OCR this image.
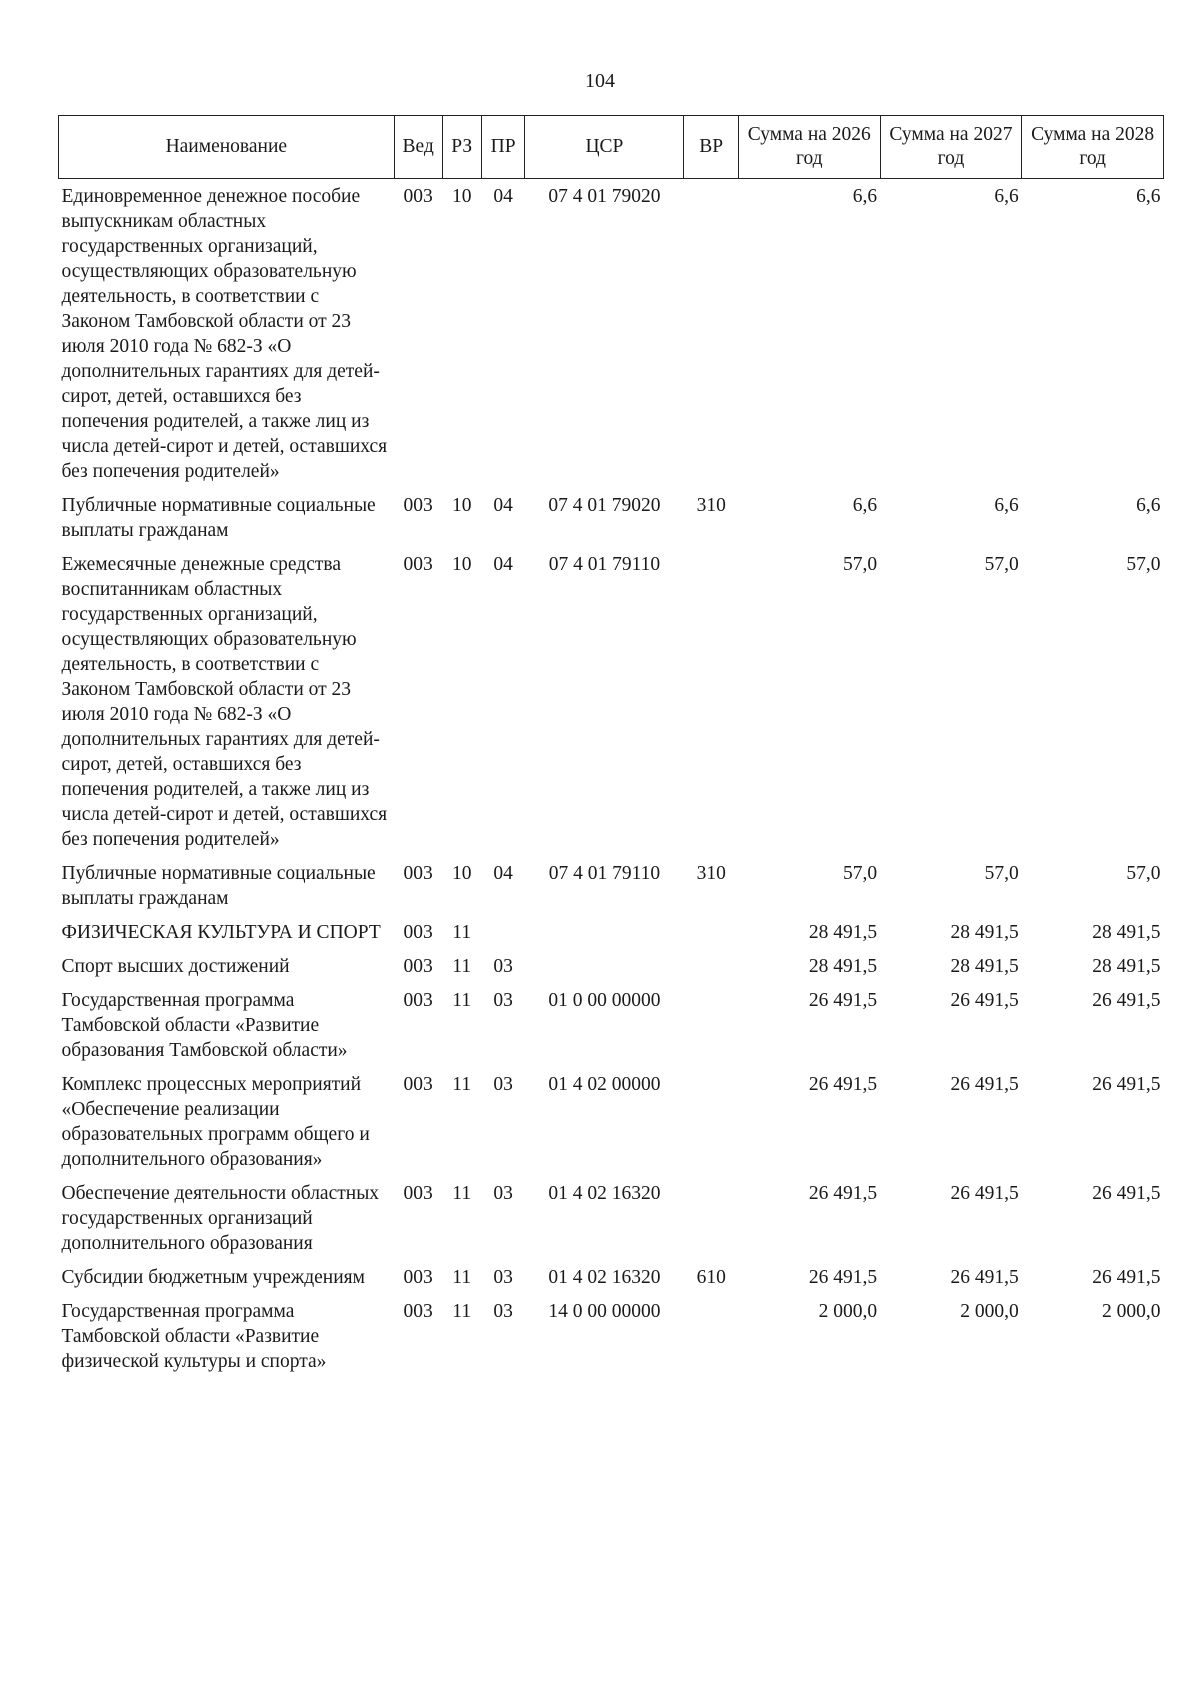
104
Наименование	Вед	РЗ	ПР	ЦСР	ВР	Сумма на 2026 год	Сумма на 2027 год	Сумма на 2028 год
Единовременное денежное пособие выпускникам областных государственных организаций, осуществляющих образовательную деятельность, в соответствии с Законом Тамбовской области от 23 июля 2010 года № 682-З «О дополнительных гарантиях для детей-сирот, детей, оставшихся без попечения родителей, а также лиц из числа детей-сирот и детей, оставшихся без попечения родителей»	003	10	04	07 4 01 79020		6,6	6,6	6,6
Публичные нормативные социальные выплаты гражданам	003	10	04	07 4 01 79020	310	6,6	6,6	6,6
Ежемесячные денежные средства воспитанникам областных государственных организаций, осуществляющих образовательную деятельность, в соответствии с Законом Тамбовской области от 23 июля 2010 года № 682-З «О дополнительных гарантиях для детей-сирот, детей, оставшихся без попечения родителей, а также лиц из числа детей-сирот и детей, оставшихся без попечения родителей»	003	10	04	07 4 01 79110		57,0	57,0	57,0
Публичные нормативные социальные выплаты гражданам	003	10	04	07 4 01 79110	310	57,0	57,0	57,0
ФИЗИЧЕСКАЯ КУЛЬТУРА И СПОРТ	003	11				28 491,5	28 491,5	28 491,5
Спорт высших достижений	003	11	03			28 491,5	28 491,5	28 491,5
Государственная программа Тамбовской области «Развитие образования Тамбовской области»	003	11	03	01 0 00 00000		26 491,5	26 491,5	26 491,5
Комплекс процессных мероприятий «Обеспечение реализации образовательных программ общего и дополнительного образования»	003	11	03	01 4 02 00000		26 491,5	26 491,5	26 491,5
Обеспечение деятельности областных государственных организаций дополнительного образования	003	11	03	01 4 02 16320		26 491,5	26 491,5	26 491,5
Субсидии бюджетным учреждениям	003	11	03	01 4 02 16320	610	26 491,5	26 491,5	26 491,5
Государственная программа Тамбовской области «Развитие физической культуры и спорта»	003	11	03	14 0 00 00000		2 000,0	2 000,0	2 000,0
